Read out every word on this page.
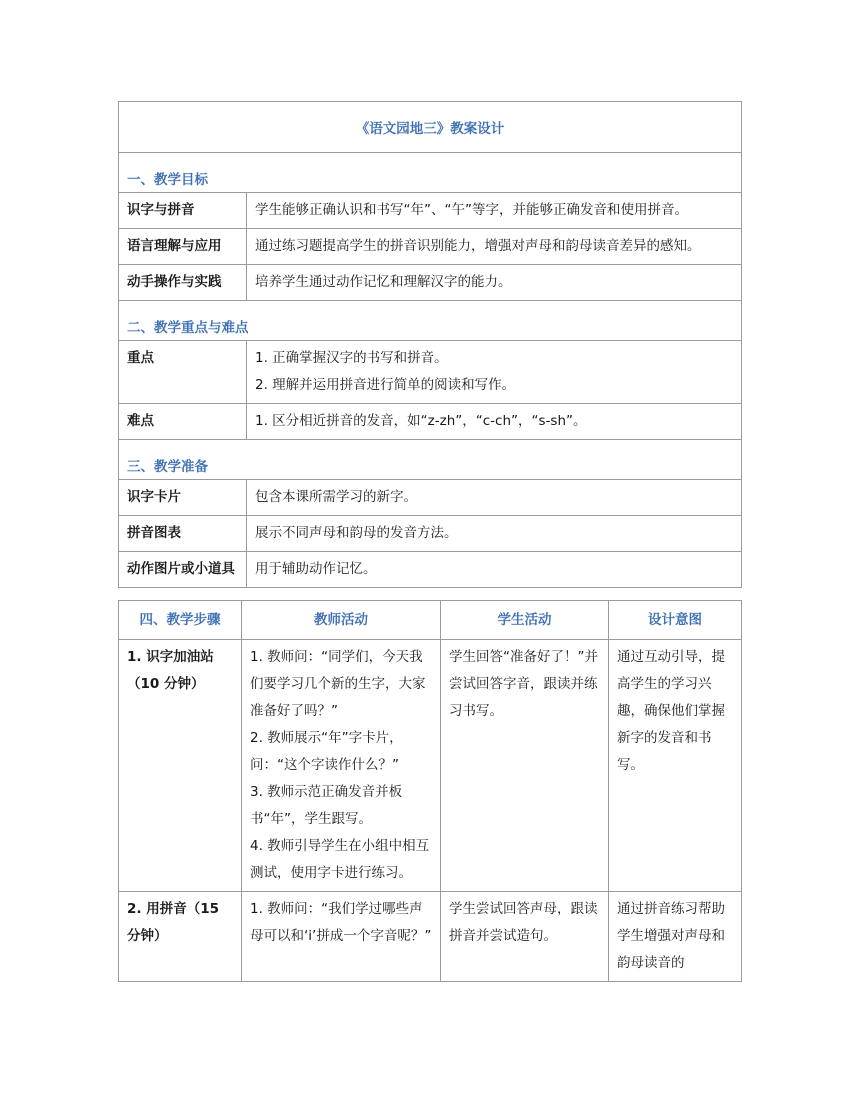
《语文园地三》教案设计	
一、教学目标	
识字与拼音	学生能够正确认识和书写“年”、“午”等字，并能够正确发音和使用拼音。
语言理解与应用	通过练习题提高学生的拼音识别能力，增强对声母和韵母读音差异的感知。
动手操作与实践	培养学生通过动作记忆和理解汉字的能力。
二、教学重点与难点	
重点	1. 正确掌握汉字的书写和拼音。
2. 理解并运用拼音进行简单的阅读和写作。

难点	1. 区分相近拼音的发音，如“z-zh”，“c-ch”，“s-sh”。

三、教学准备	
识字卡片	包含本课所需学习的新字。
拼音图表	展示不同声母和韵母的发音方法。
动作图片或小道具	用于辅助动作记忆。
四、教学步骤	教师活动	学生活动	设计意图
1. 识字加油站（10 分钟）	1. 教师问：“同学们，今天我们要学习几个新的生字，大家准备好了吗？”
2. 教师展示“年”字卡片，问：“这个字读作什么？”
3. 教师示范正确发音并板书“年”，学生跟写。
4. 教师引导学生在小组中相互测试，使用字卡进行练习。	学生回答“准备好了！”并尝试回答字音，跟读并练习书写。	通过互动引导，提高学生的学习兴趣，确保他们掌握新字的发音和书写。
2. 用拼音（15 分钟）	1. 教师问：“我们学过哪些声母可以和‘i’拼成一个字音呢？”	学生尝试回答声母，跟读拼音并尝试造句。	通过拼音练习帮助学生增强对声母和韵母读音的
